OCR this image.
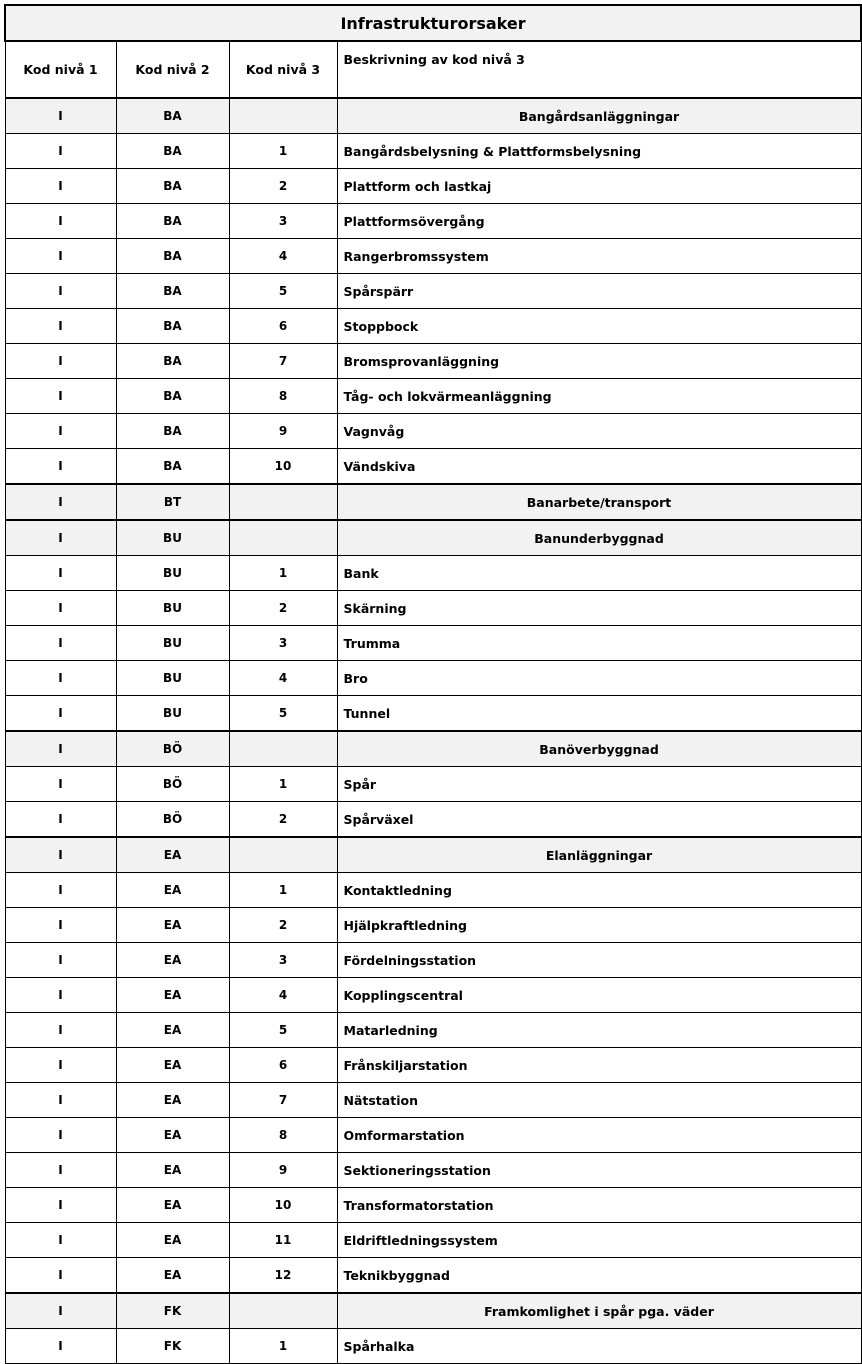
Infrastrukturorsaker			
Kod nivå 1	Kod nivå 2	Kod nivå 3	Beskrivning av kod nivå 3
I	BA		Bangårdsanläggningar
I	BA	1	Bangårdsbelysning & Plattformsbelysning
I	BA	2	Plattform och lastkaj
I	BA	3	Plattformsövergång
I	BA	4	Rangerbromssystem
I	BA	5	Spårspärr
I	BA	6	Stoppbock
I	BA	7	Bromsprovanläggning
I	BA	8	Tåg- och lokvärmeanläggning
I	BA	9	Vagnvåg
I	BA	10	Vändskiva
I	BT		Banarbete/transport
I	BU		Banunderbyggnad
I	BU	1	Bank
I	BU	2	Skärning
I	BU	3	Trumma
I	BU	4	Bro
I	BU	5	Tunnel
I	BÖ		Banöverbyggnad
I	BÖ	1	Spår
I	BÖ	2	Spårväxel
I	EA		Elanläggningar
I	EA	1	Kontaktledning
I	EA	2	Hjälpkraftledning
I	EA	3	Fördelningsstation
I	EA	4	Kopplingscentral
I	EA	5	Matarledning
I	EA	6	Frånskiljarstation
I	EA	7	Nätstation
I	EA	8	Omformarstation
I	EA	9	Sektioneringsstation
I	EA	10	Transformatorstation
I	EA	11	Eldriftledningssystem
I	EA	12	Teknikbyggnad
I	FK		Framkomlighet i spår pga. väder
I	FK	1	Spårhalka
